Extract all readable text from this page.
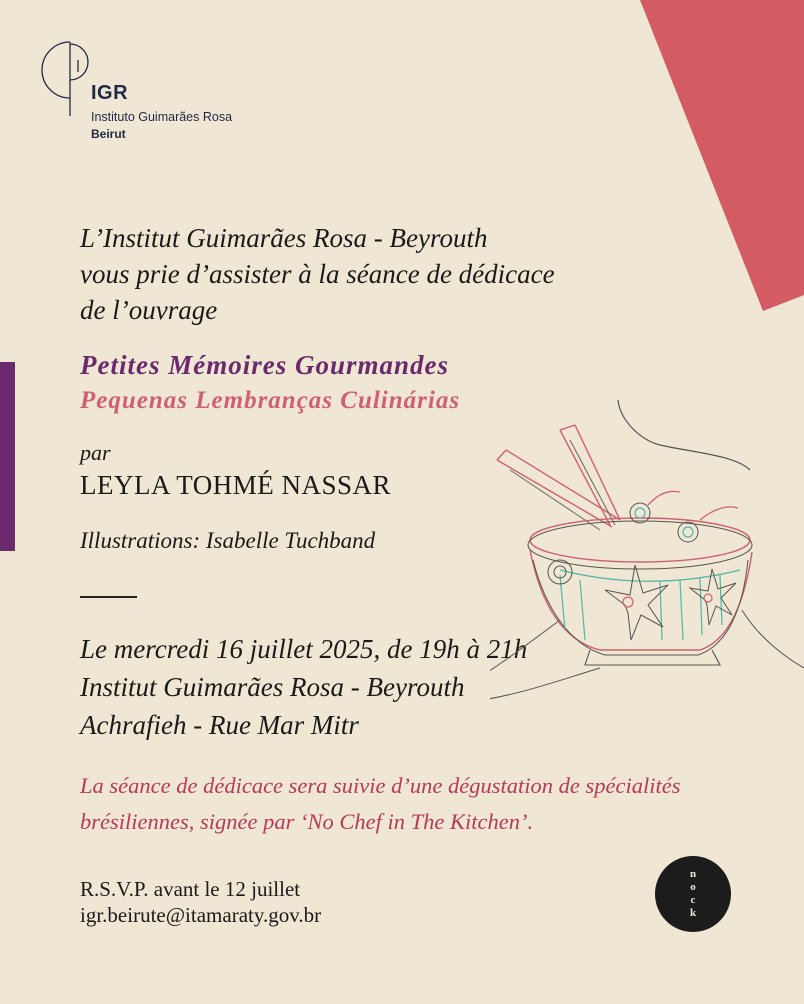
IGR
Instituto Guimarães Rosa
Beirut
L’Institut Guimarães Rosa - Beyrouth
vous prie d’assister à la séance de dédicace
de l’ouvrage
Petites Mémoires Gourmandes
Pequenas Lembranças Culinárias
par
LEYLA TOHMÉ NASSAR
Illustrations: Isabelle Tuchband
Le mercredi 16 juillet 2025, de 19h à 21h
Institut Guimarães Rosa - Beyrouth
Achrafieh - Rue Mar Mitr
La séance de dédicace sera suivie d’une dégustation de spécialités
brésiliennes, signée par ‘No Chef in The Kitchen’.
R.S.V.P. avant le 12 juillet
igr.beirute@itamaraty.gov.br
n
o
c
k
